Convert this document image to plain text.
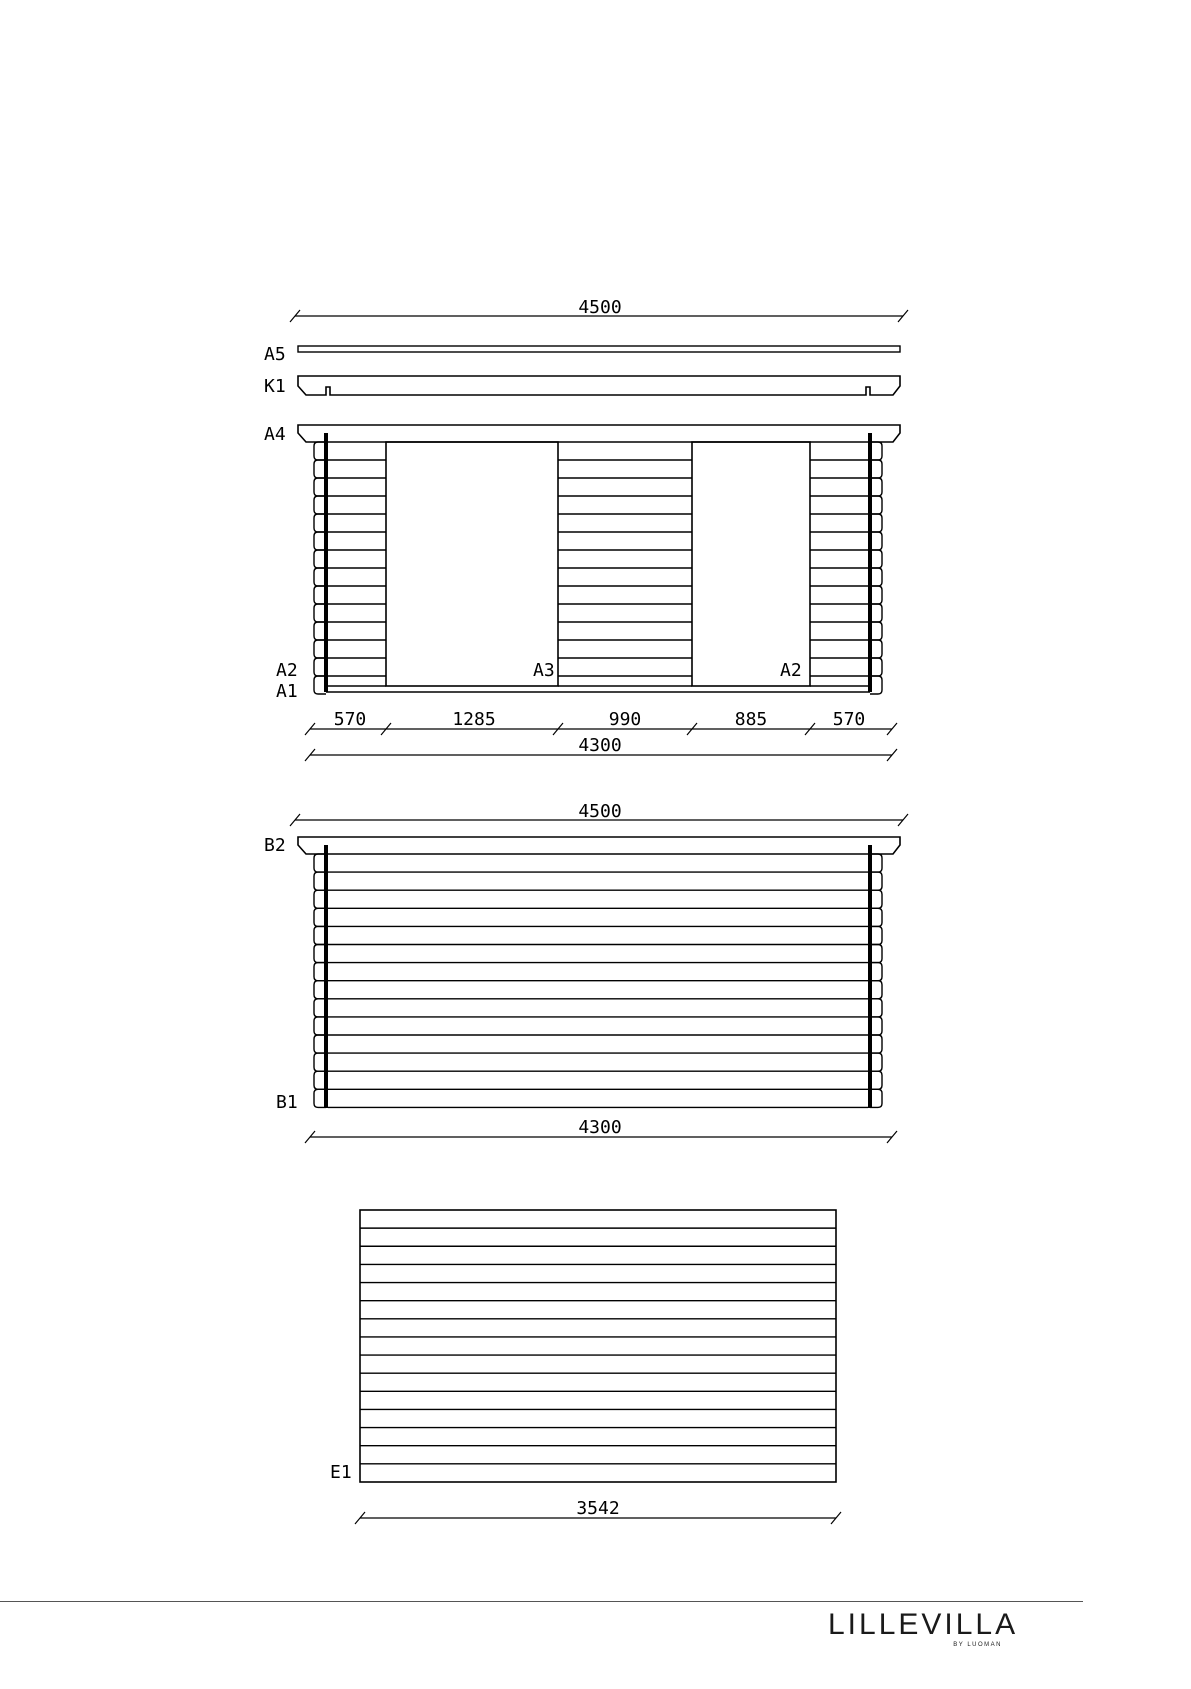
4500
A5
K1
A4
A2
A1
A3	A2
570	1285	990	885	570
4300
4500
B2
B1
4300
E1
3542
LILLEVILLA
BY LUOMAN
